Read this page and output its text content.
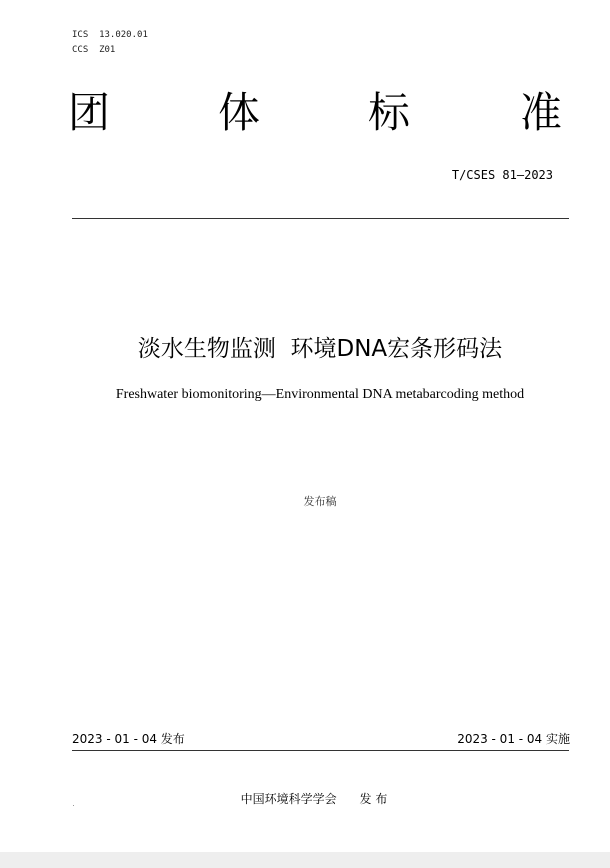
ICS  13.020.01
CCS  Z01
团	体	标	准
T/CSES 81—2023
淡水生物监测  环境DNA宏条形码法
Freshwater biomonitoring—Environmental DNA metabarcoding method
发布稿
2023 - 01 - 04 发布	2023 - 01 - 04 实施
中国环境科学学会      发 布
